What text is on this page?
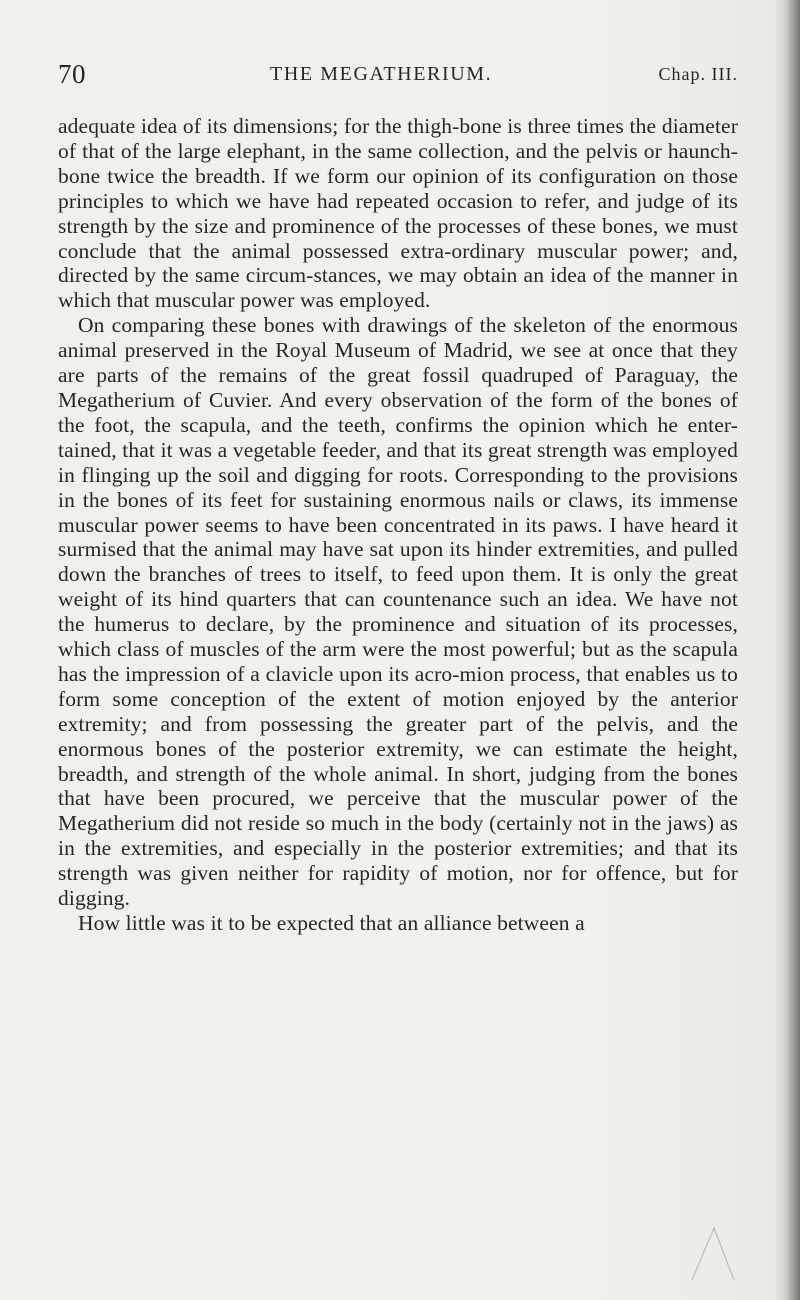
70	THE MEGATHERIUM.	Chap. III.

adequate idea of its dimensions; for the thigh-bone is three times the diameter of that of the large elephant, in the same collection, and the pelvis or haunch-bone twice the breadth. If we form our opinion of its configuration on those principles to which we have had repeated occasion to refer, and judge of its strength by the size and prominence of the processes of these bones, we must conclude that the animal possessed extra-ordinary muscular power; and, directed by the same circum-stances, we may obtain an idea of the manner in which that muscular power was employed.

On comparing these bones with drawings of the skeleton of the enormous animal preserved in the Royal Museum of Madrid, we see at once that they are parts of the remains of the great fossil quadruped of Paraguay, the Megatherium of Cuvier. And every observation of the form of the bones of the foot, the scapula, and the teeth, confirms the opinion which he enter-tained, that it was a vegetable feeder, and that its great strength was employed in flinging up the soil and digging for roots. Corresponding to the provisions in the bones of its feet for sustaining enormous nails or claws, its immense muscular power seems to have been concentrated in its paws. I have heard it surmised that the animal may have sat upon its hinder extremities, and pulled down the branches of trees to itself, to feed upon them. It is only the great weight of its hind quarters that can countenance such an idea. We have not the humerus to declare, by the prominence and situation of its processes, which class of muscles of the arm were the most powerful; but as the scapula has the impression of a clavicle upon its acro-mion process, that enables us to form some conception of the extent of motion enjoyed by the anterior extremity; and from possessing the greater part of the pelvis, and the enormous bones of the posterior extremity, we can estimate the height, breadth, and strength of the whole animal. In short, judging from the bones that have been procured, we perceive that the muscular power of the Megatherium did not reside so much in the body (certainly not in the jaws) as in the extremities, and especially in the posterior extremities; and that its strength was given neither for rapidity of motion, nor for offence, but for digging.

How little was it to be expected that an alliance between a
